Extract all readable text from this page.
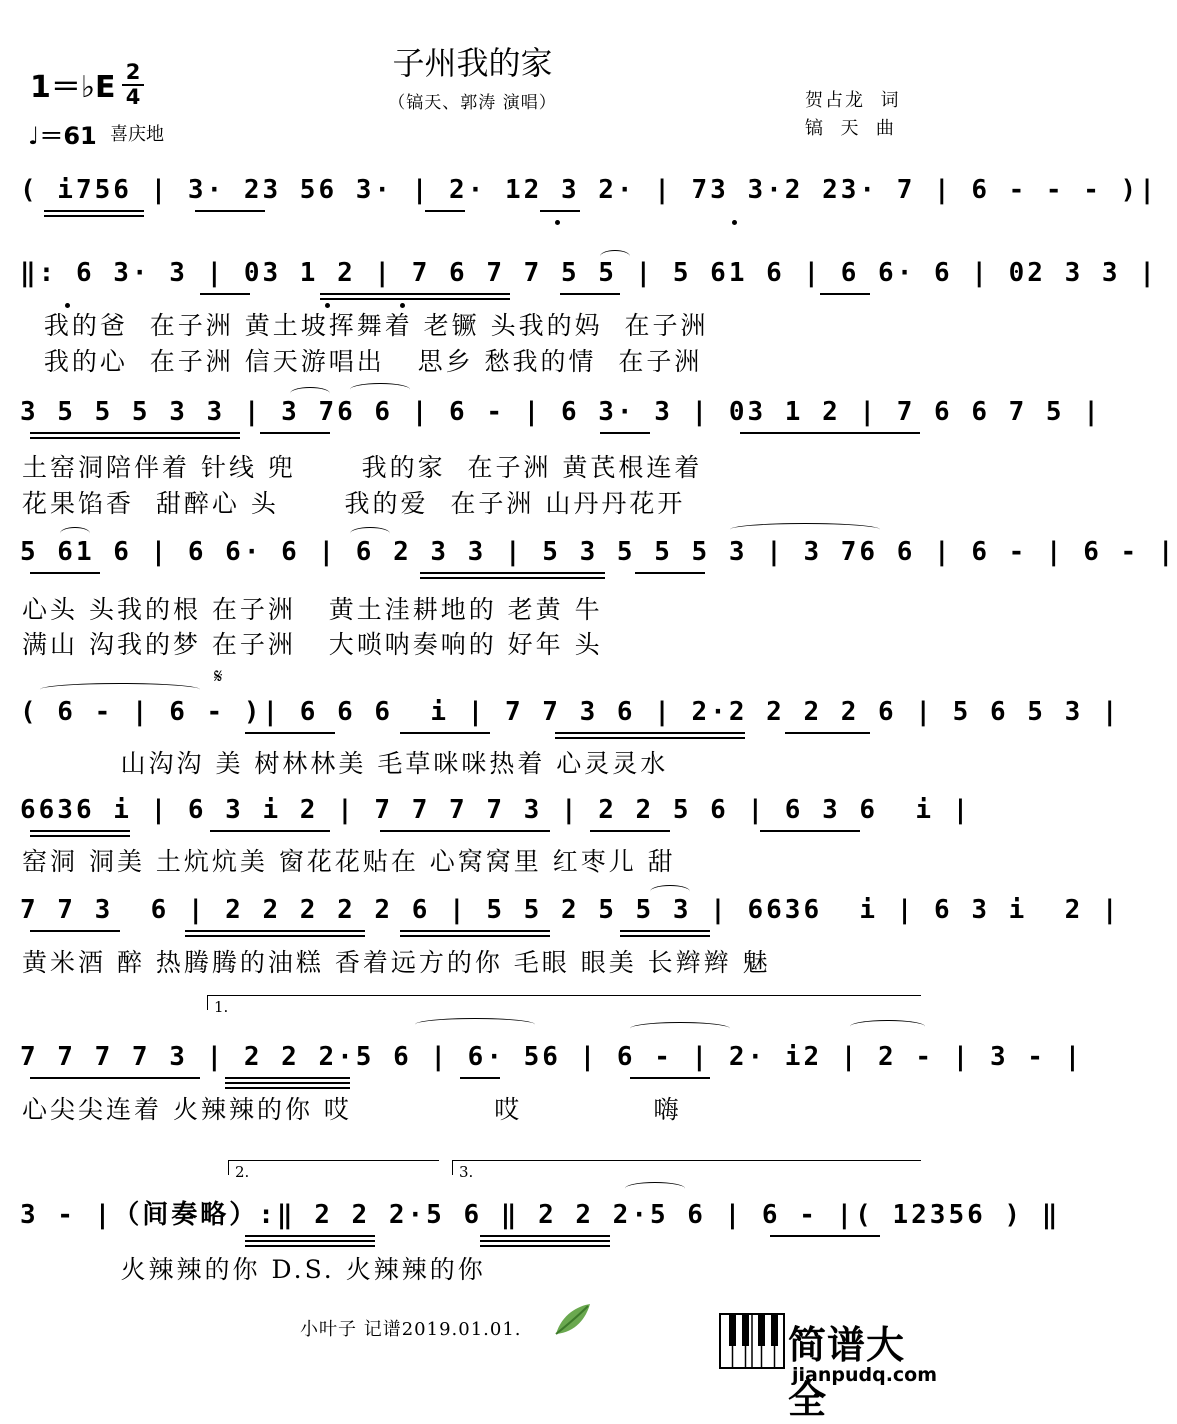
子州我的家
（镐天、郭涛 演唱）
1＝♭E 2
4
♩＝61 喜庆地
贺占龙  词
镐  天  曲
( i756 | 3· 23 56 3· | 2· 12 3 2· | 73 3·2 23· 7 | 6 - - - )|
‖: 6 3· 3 | 03 1 2 | 7 6 7 7 5 5 | 5 61 6 | 6 6· 6 | 02 3 3 |
我的爸  在子洲 黄土坡挥舞着 老镢 头我的妈  在子洲
我的心  在子洲 信天游唱出   思乡 愁我的情  在子洲
3 5 5 5 3 3 | 3 76 6 | 6 - | 6 3· 3 | 03 1 2 | 7 6 6 7 5 |
土窑洞陪伴着 针线 兜      我的家  在子洲 黄芪根连着
花果馅香  甜醉心 头      我的爱  在子洲 山丹丹花开
5 61 6 | 6 6· 6 | 6 2 3 3 | 5 3 5 5 5 3 | 3 76 6 | 6 - | 6 - |
心头 头我的根 在子洲   黄土洼耕地的 老黄 牛
满山 沟我的梦 在子洲   大唢呐奏响的 好年 头
𝄋
( 6 - | 6 - )| 6 6 6  i | 7 7 3 6 | 2·2 2 2 2 6 | 5 6 5 3 |
山沟沟 美 树林林美 毛草咪咪热着 心灵灵水
6636 i | 6 3 i 2 | 7 7 7 7 3 | 2 2 5 6 | 6 3 6  i |
窑洞 洞美 土炕炕美 窗花花贴在 心窝窝里 红枣儿 甜
7 7 3  6 | 2 2 2 2 2 6 | 5 5 2 5 5 3 | 6636  i | 6 3 i  2 |
黄米酒 醉 热腾腾的油糕 香着远方的你 毛眼 眼美 长辫辫 魅
1.
7 7 7 7 3 | 2 2 2·5 6 | 6· 56 | 6 - | 2· i2 | 2 - | 3 - |
心尖尖连着 火辣辣的你 哎             哎            嗨
2.	3.
3 - |（间奏略）:‖ 2 2 2·5 6 ‖ 2 2 2·5 6 | 6 - |( 12356 ) ‖
火辣辣的你 D.S. 火辣辣的你
小叶子 记谱2019.01.01.	简谱大全
jianpudq.com
